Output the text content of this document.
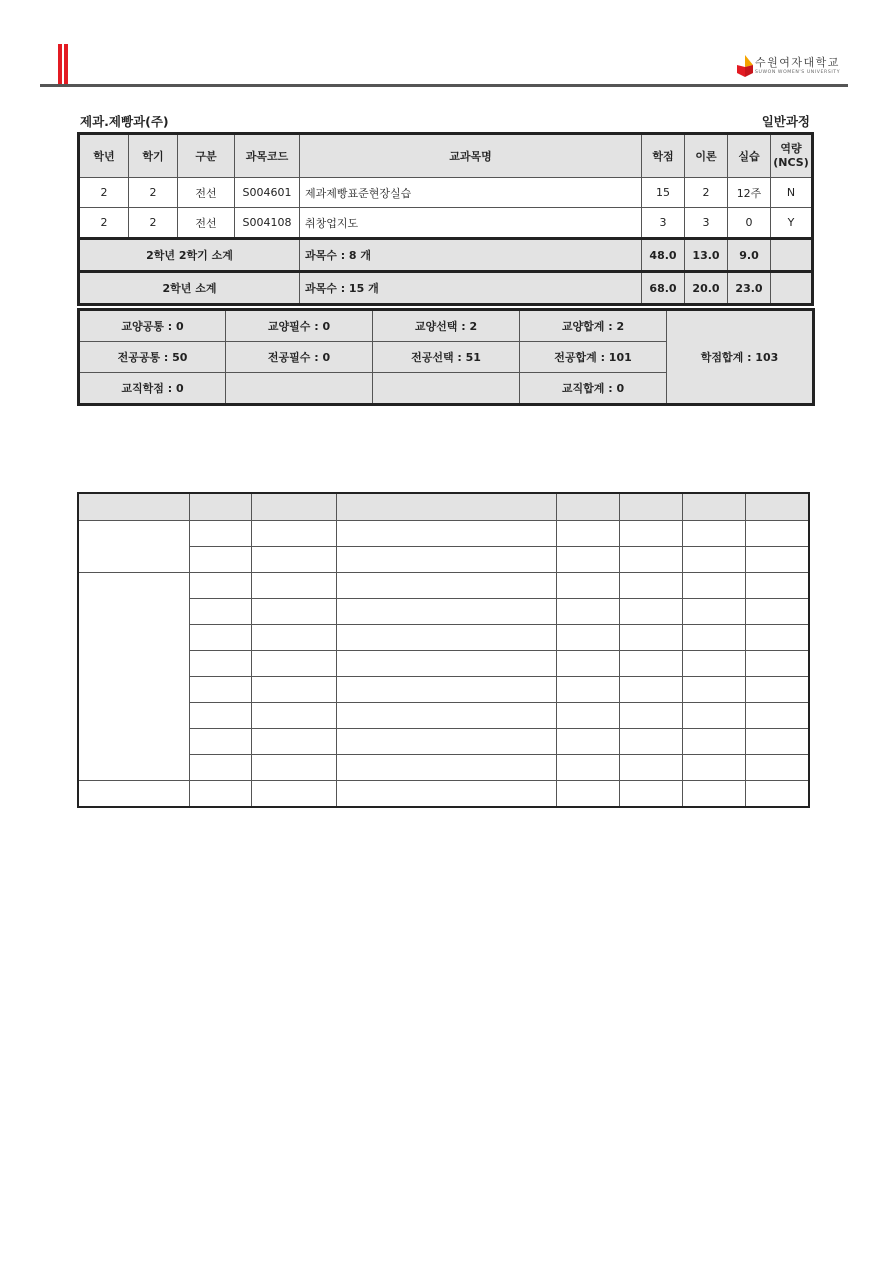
수원여자대학교
SUWON WOMEN'S UNIVERSITY
제과.제빵과(주)	일반과정
학년	학기	구분	과목코드	교과목명	학점	이론	실습	역량
(NCS)
2	2	전선	S004601	제과제빵표준현장실습	15	2	12주	N
2	2	전선	S004108	취창업지도	3	3	0	Y
2학년 2학기 소계				과목수 : 8 개	48.0	13.0	9.0	
2학년 소계				과목수 : 15 개	68.0	20.0	23.0	
교양공통 : 0	교양필수 : 0	교양선택 : 2	교양합계 : 2	학점합계 : 103
전공공통 : 50	전공필수 : 0	전공선택 : 51	전공합계 : 101	
교직학점 : 0			교직합계 : 0	
